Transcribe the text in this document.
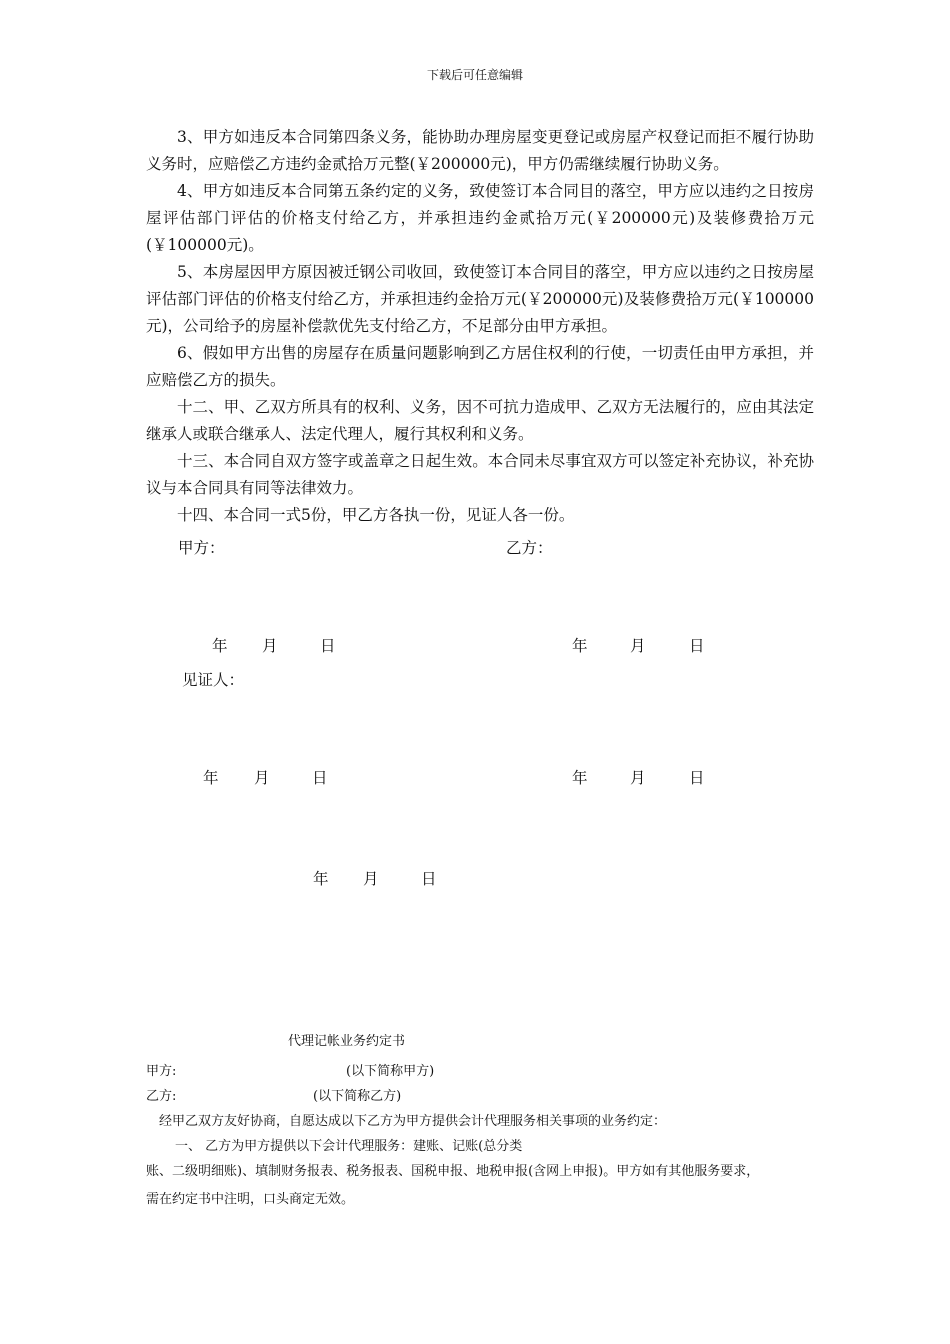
下载后可任意编辑

3、甲方如违反本合同第四条义务，能协助办理房屋变更登记或房屋产权登记而拒不履行协助义务时，应赔偿乙方违约金贰拾万元整(￥200000元)，甲方仍需继续履行协助义务。

4、甲方如违反本合同第五条约定的义务，致使签订本合同目的落空，甲方应以违约之日按房屋评估部门评估的价格支付给乙方，并承担违约金贰拾万元(￥200000元)及装修费拾万元(￥100000元)。

5、本房屋因甲方原因被迁钢公司收回，致使签订本合同目的落空，甲方应以违约之日按房屋评估部门评估的价格支付给乙方，并承担违约金拾万元(￥200000元)及装修费拾万元(￥100000元)，公司给予的房屋补偿款优先支付给乙方，不足部分由甲方承担。

6、假如甲方出售的房屋存在质量问题影响到乙方居住权利的行使，一切责任由甲方承担，并应赔偿乙方的损失。

十二、甲、乙双方所具有的权利、义务，因不可抗力造成甲、乙双方无法履行的，应由其法定继承人或联合继承人、法定代理人，履行其权利和义务。

十三、本合同自双方签字或盖章之日起生效。本合同未尽事宜双方可以签定补充协议，补充协议与本合同具有同等法律效力。

十四、本合同一式5份，甲乙方各执一份，见证人各一份。

甲方：	乙方：
年 月	日	年	月	日
见证人：
年 月	日	年	月	日
年 月	日
代理记帐业务约定书
甲方:	(以下简称甲方)
乙方:	(以下简称乙方)
经甲乙双方友好协商，自愿达成以下乙方为甲方提供会计代理服务相关事项的业务约定：
一、 乙方为甲方提供以下会计代理服务：建账、记账(总分类
账、二级明细账)、填制财务报表、税务报表、国税申报、地税申报(含网上申报)。甲方如有其他服务要求，
需在约定书中注明，口头商定无效。
